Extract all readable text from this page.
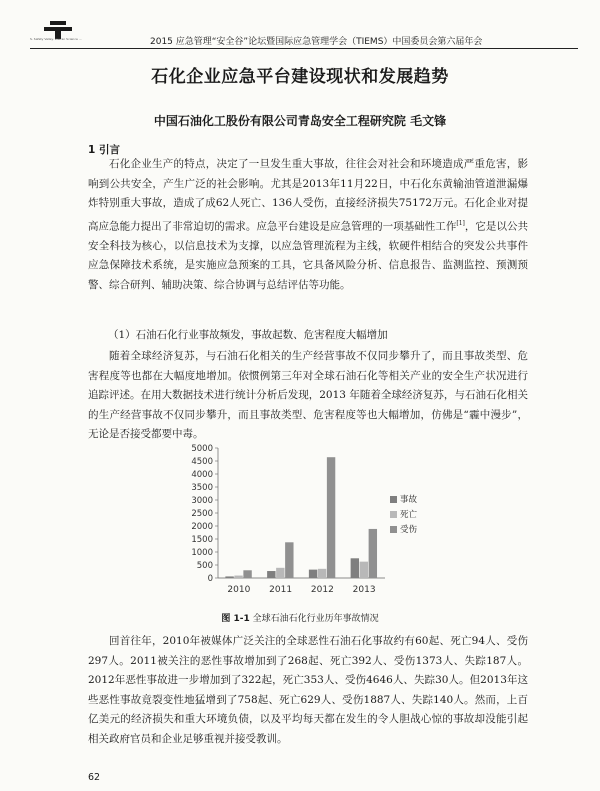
S. Safety Valley. Weiran Science ...	2015 应急管理“安全谷”论坛暨国际应急管理学会（TIEMS）中国委员会第六届年会
石化企业应急平台建设现状和发展趋势
中国石油化工股份有限公司青岛安全工程研究院 毛文锋
1 引言

石化企业生产的特点，决定了一旦发生重大事故，往往会对社会和环境造成严重危害，影响到公共安全，产生广泛的社会影响。尤其是2013年11月22日，中石化东黄输油管道泄漏爆炸特别重大事故，造成了成62人死亡、136人受伤，直接经济损失75172万元。石化企业对提高应急能力提出了非常迫切的需求。应急平台建设是应急管理的一项基础性工作[1]，它是以公共安全科技为核心，以信息技术为支撑，以应急管理流程为主线，软硬件相结合的突发公共事件应急保障技术系统，是实施应急预案的工具，它具备风险分析、信息报告、监测监控、预测预警、综合研判、辅助决策、综合协调与总结评估等功能。

（1）石油石化行业事故频发，事故起数、危害程度大幅增加

随着全球经济复苏，与石油石化相关的生产经营事故不仅同步攀升了，而且事故类型、危害程度等也都在大幅度地增加。依惯例第三年对全球石油石化等相关产业的安全生产状况进行追踪评述。在用大数据技术进行统计分析后发现，2013 年随着全球经济复苏，与石油石化相关的生产经营事故不仅同步攀升，而且事故类型、危害程度等也大幅增加，仿佛是“霾中漫步”，无论是否接受都要中毒。

0
500
1000
1500
2000
2500
3000
3500
4000
4500
5000
2010 2011 2012 2013
事故
死亡
受伤
图 1-1 全球石油石化行业历年事故情况

回首往年，2010年被媒体广泛关注的全球恶性石油石化事故约有60起、死亡94人、受伤297人。2011被关注的恶性事故增加到了268起、死亡392人、受伤1373人、失踪187人。2012年恶性事故进一步增加到了322起，死亡353人、受伤4646人、失踪30人。但2013年这些恶性事故竟裂变性地猛增到了758起、死亡629人、受伤1887人、失踪140人。然而，上百亿美元的经济损失和重大环境负债，以及平均每天都在发生的令人胆战心惊的事故却没能引起相关政府官员和企业足够重视并接受教训。

62
